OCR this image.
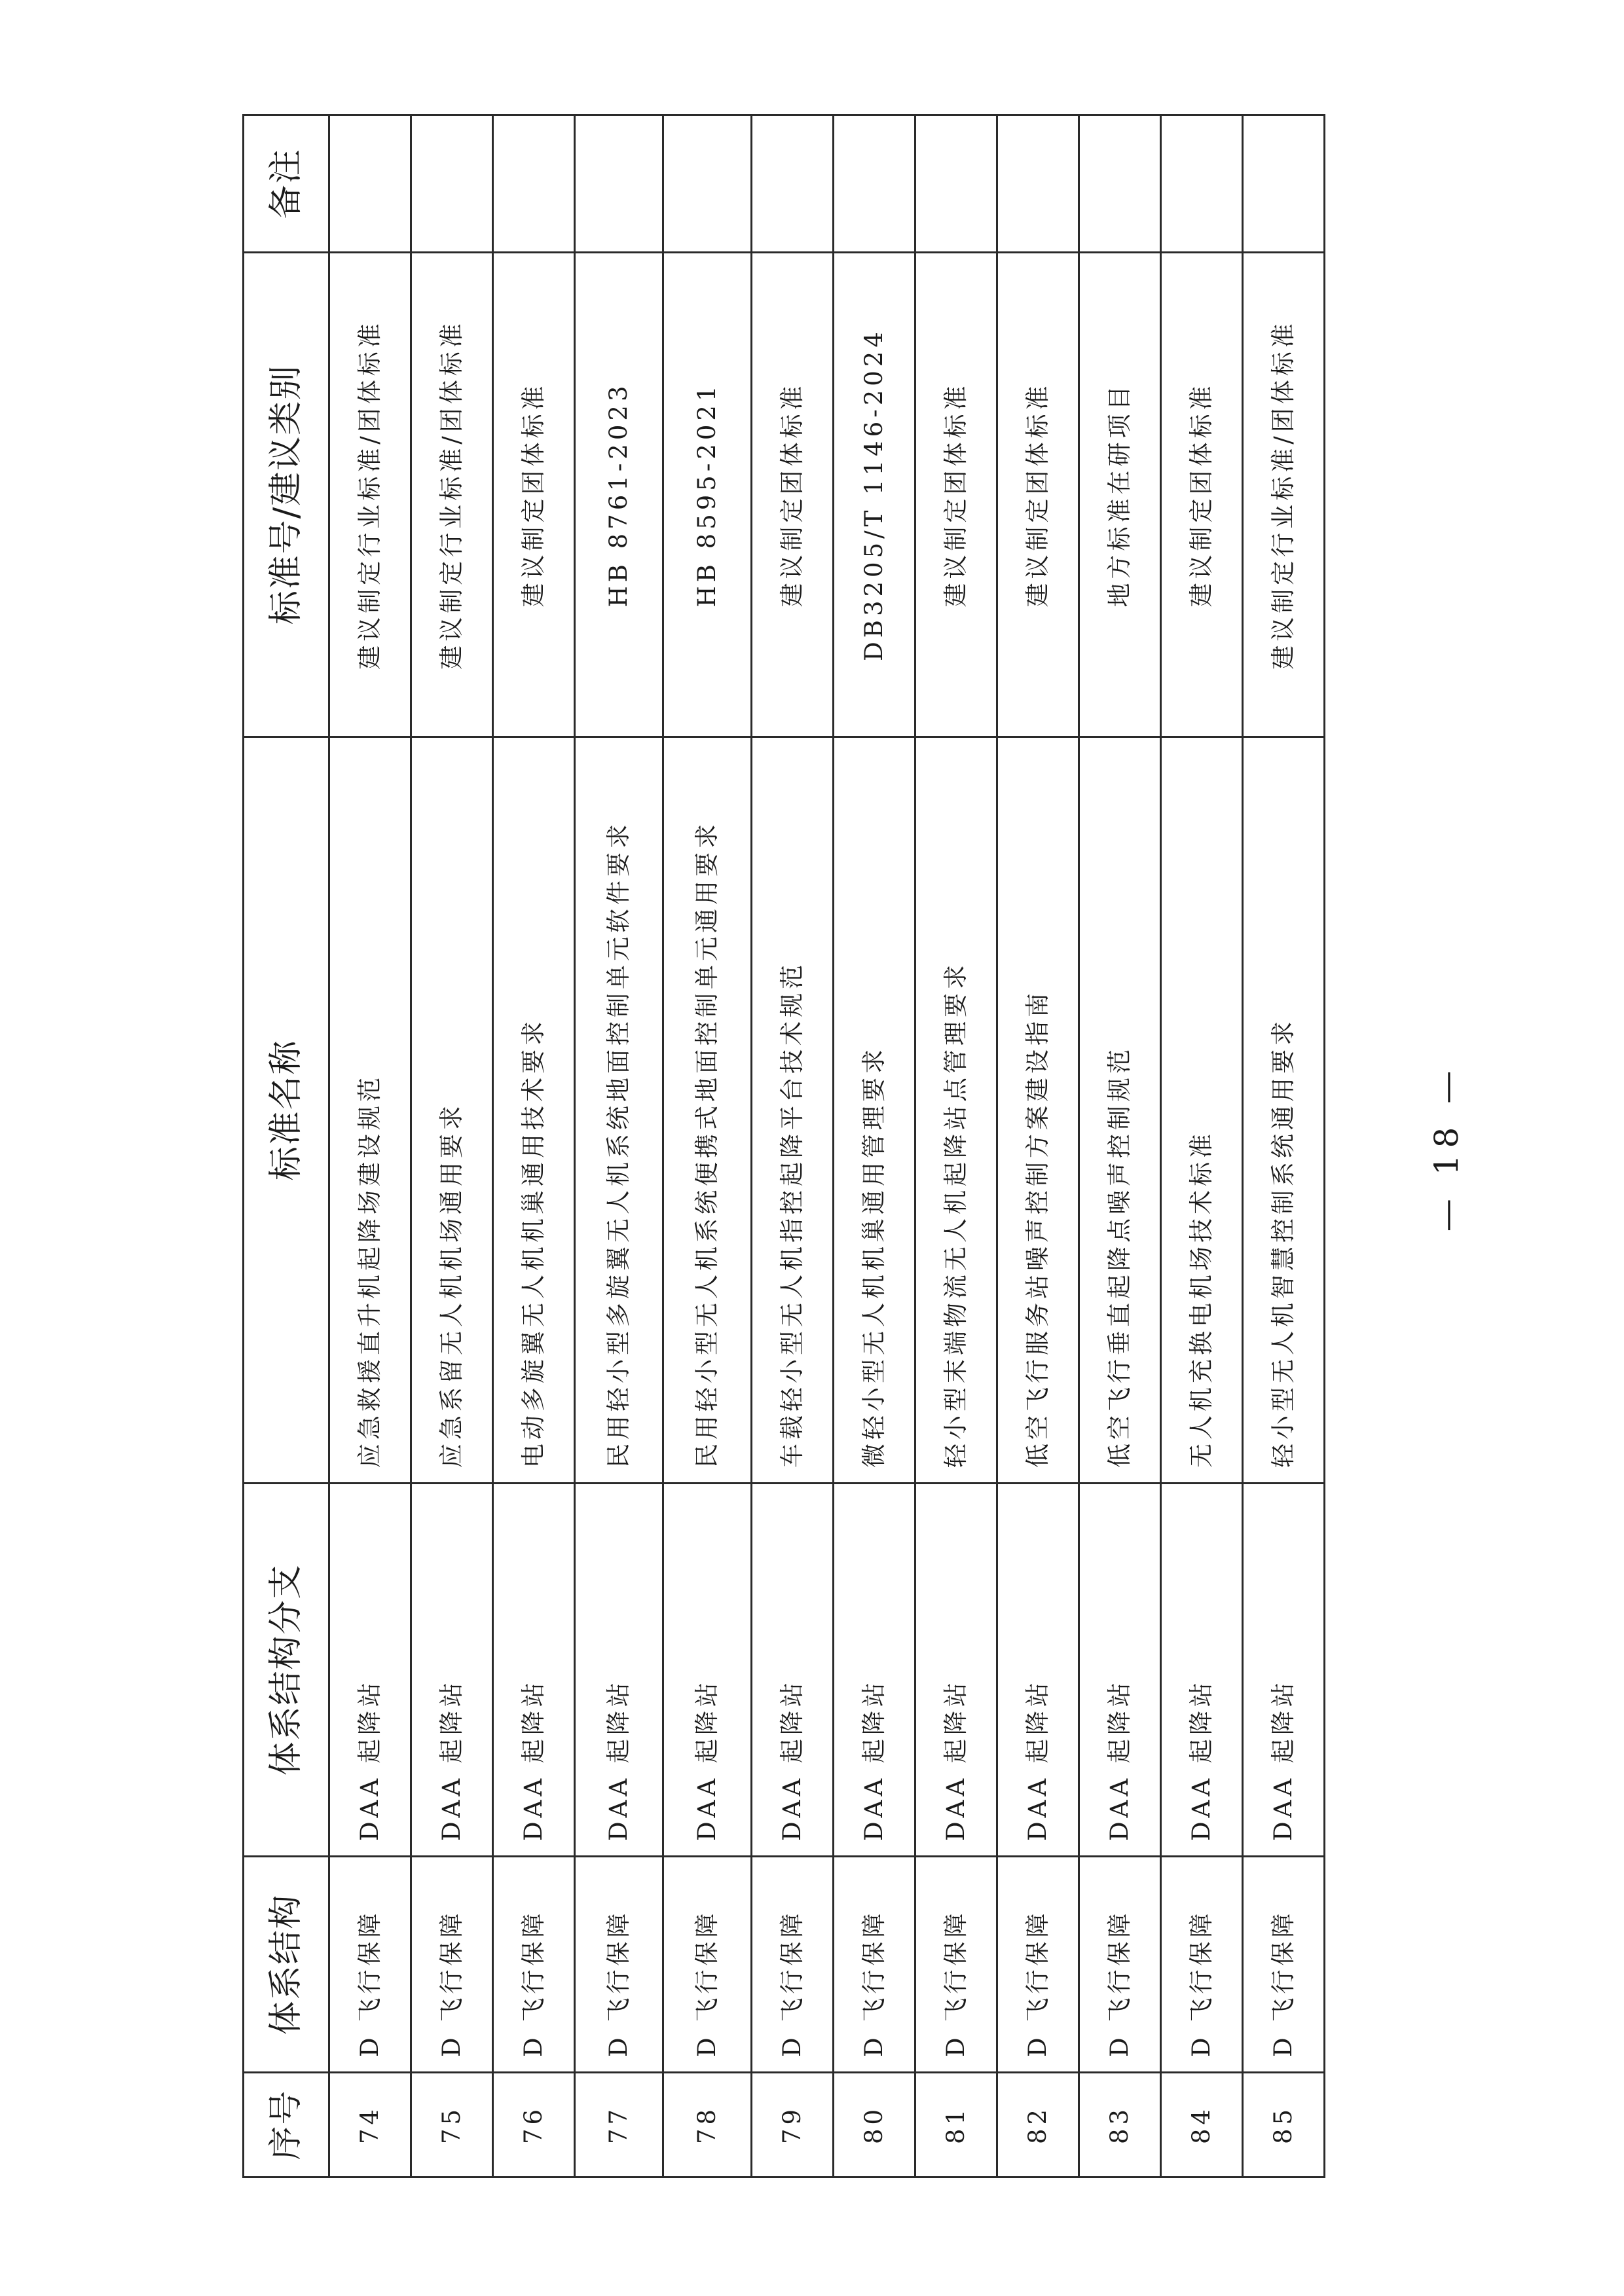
序号	体系结构	体系结构分支	标准名称	标准号/建议类别	备注
74	D 飞行保障	DAA 起降站	应急救援直升机起降场建设规范	建议制定行业标准/团体标准	
75	D 飞行保障	DAA 起降站	应急系留无人机机场通用要求	建议制定行业标准/团体标准	
76	D 飞行保障	DAA 起降站	电动多旋翼无人机机巢通用技术要求	建议制定团体标准	
77	D 飞行保障	DAA 起降站	民用轻小型多旋翼无人机系统地面控制单元软件要求	HB 8761-2023	
78	D 飞行保障	DAA 起降站	民用轻小型无人机系统便携式地面控制单元通用要求	HB 8595-2021	
79	D 飞行保障	DAA 起降站	车载轻小型无人机指控起降平台技术规范	建议制定团体标准	
80	D 飞行保障	DAA 起降站	微轻小型无人机机巢通用管理要求	DB3205/T 1146-2024	
81	D 飞行保障	DAA 起降站	轻小型末端物流无人机起降站点管理要求	建议制定团体标准	
82	D 飞行保障	DAA 起降站	低空飞行服务站噪声控制方案建设指南	建议制定团体标准	
83	D 飞行保障	DAA 起降站	低空飞行垂直起降点噪声控制规范	地方标准在研项目	
84	D 飞行保障	DAA 起降站	无人机充换电机场技术标准	建议制定团体标准	
85	D 飞行保障	DAA 起降站	轻小型无人机智慧控制系统通用要求	建议制定行业标准/团体标准	
— 18 —
